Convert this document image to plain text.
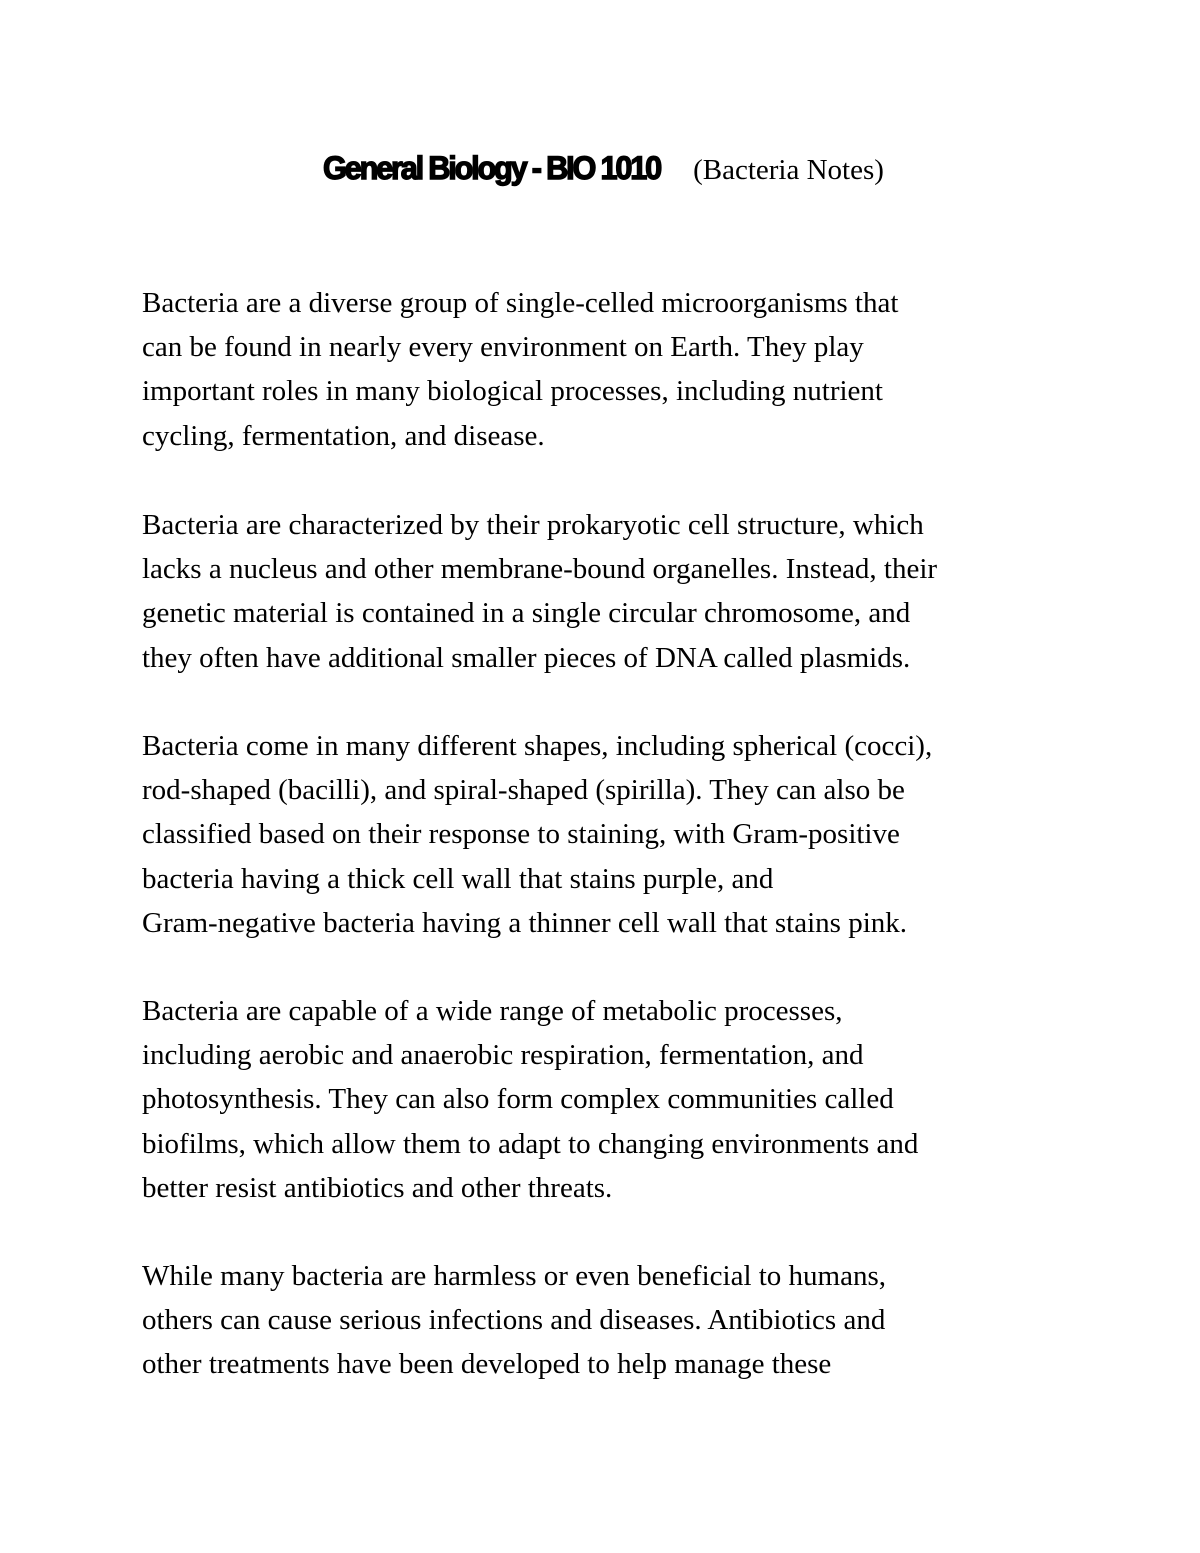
General Biology - BIO 1010 (Bacteria Notes)

Bacteria are a diverse group of single-celled microorganisms that
can be found in nearly every environment on Earth. They play
important roles in many biological processes, including nutrient
cycling, fermentation, and disease.

Bacteria are characterized by their prokaryotic cell structure, which
lacks a nucleus and other membrane-bound organelles. Instead, their
genetic material is contained in a single circular chromosome, and
they often have additional smaller pieces of DNA called plasmids.

Bacteria come in many different shapes, including spherical (cocci),
rod-shaped (bacilli), and spiral-shaped (spirilla). They can also be
classified based on their response to staining, with Gram-positive
bacteria having a thick cell wall that stains purple, and
Gram-negative bacteria having a thinner cell wall that stains pink.

Bacteria are capable of a wide range of metabolic processes,
including aerobic and anaerobic respiration, fermentation, and
photosynthesis. They can also form complex communities called
biofilms, which allow them to adapt to changing environments and
better resist antibiotics and other threats.

While many bacteria are harmless or even beneficial to humans,
others can cause serious infections and diseases. Antibiotics and
other treatments have been developed to help manage these
